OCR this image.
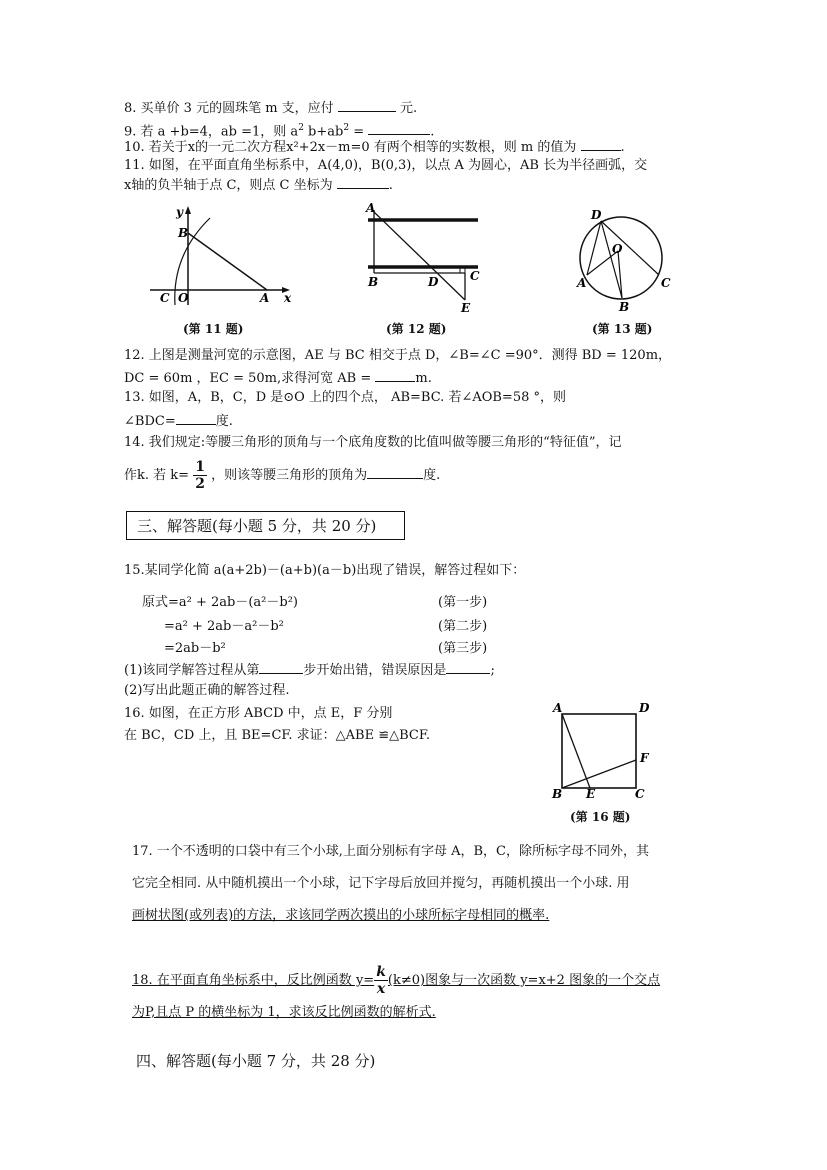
8. 买单价 3 元的圆珠笔 m 支，应付	元.
9. 若 a +b=4，ab =1，则 $a^2$ $b+ab^2$ =	.
10. 若关于x的一元二次方程x²+2x－m=0 有两个相等的实数根，则 m 的值为	.
11. 如图，在平面直角坐标系中，A(4,0)，B(0,3)，以点 A 为圆心，AB 长为半径画弧，交
x轴的负半轴于点 C，则点 C 坐标为	.
y
B
C O	A x
(第 11 题)
A
B	D	C
E
(第 12 题)
D
O
A	C
B
(第 13 题)
12. 上图是测量河宽的示意图，AE 与 BC 相交于点 D，∠B=∠C =90°．测得 BD = 120m，
DC = 60m ，EC = 50m,求得河宽 AB =	m.
13. 如图，A，B，C，D 是⊙O 上的四个点， AB=BC. 若∠AOB=58 °，则
∠BDC=	度.
14. 我们规定:等腰三角形的顶角与一个底角度数的比值叫做等腰三角形的“特征值”，记
作k. 若 $k= \frac{1}{2}$ ，则该等腰三角形的顶角为	度.
三、解答题(每小题 5 分，共 20 分)
15.某同学化简 a(a+2b)－(a+b)(a－b)出现了错误，解答过程如下：
原式=a² + 2ab－(a²－b²)	(第一步)
=a² + 2ab－a²－b²	(第二步)
=2ab－b²	(第三步)
(1)该同学解答过程从第	步开始出错，错误原因是	;
(2)写出此题正确的解答过程.
16. 如图，在正方形 ABCD 中，点 E，F 分别
在 BC，CD 上，且 BE=CF. 求证：△ABE ≌△BCF.
A	D
F
B E	C
(第 16 题)
17. 一个不透明的口袋中有三个小球,上面分别标有字母 A，B，C，除所标字母不同外，其
它完全相同. 从中随机摸出一个小球，记下字母后放回并搅匀，再随机摸出一个小球. 用
画树状图(或列表)的方法，求该同学两次摸出的小球所标字母相同的概率.
18. 在平面直角坐标系中，反比例函数 $y= \frac{k}{x} (k\ne 0)$图象与一次函数 y=x+2 图象的一个交点
为P,且点 P 的横坐标为 1，求该反比例函数的解析式.
四、解答题(每小题 7 分，共 28 分)
